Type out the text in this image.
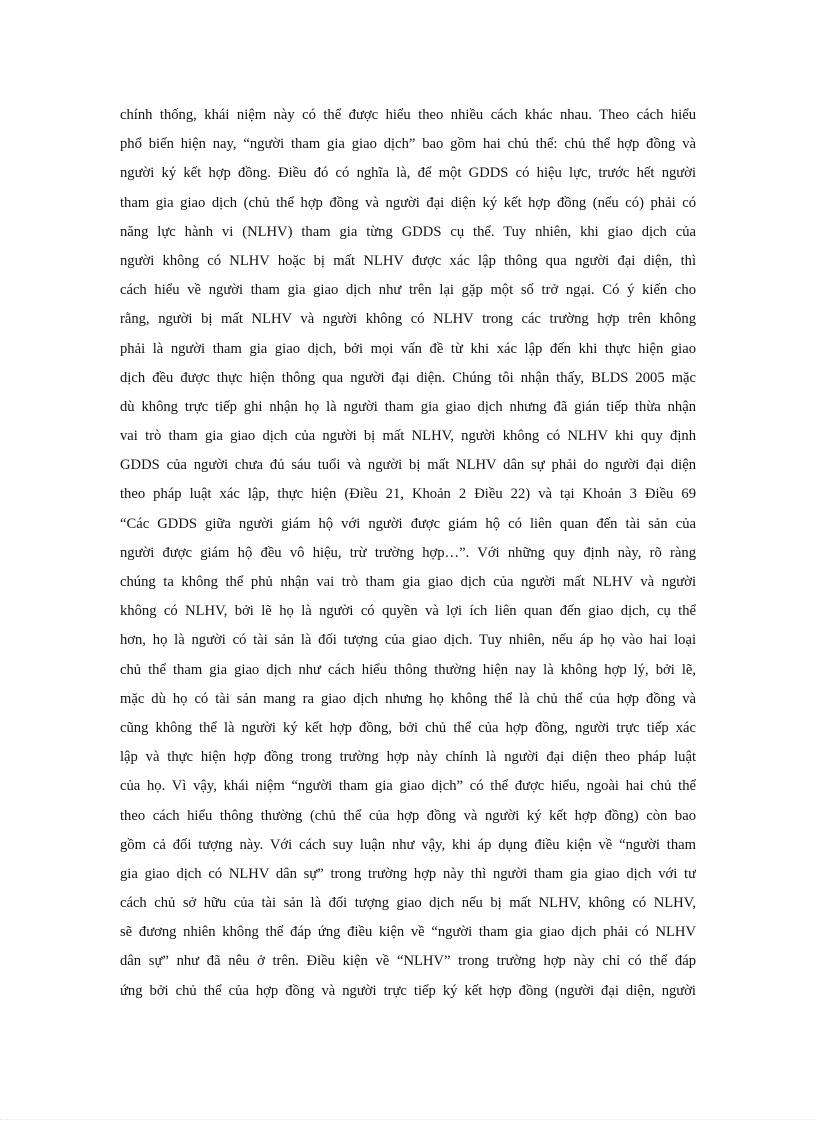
chính thống, khái niệm này có thể được hiểu theo nhiều cách khác nhau. Theo cách hiểu
phổ biến hiện nay, “người tham gia giao dịch” bao gồm hai chủ thể: chủ thể hợp đồng và
người ký kết hợp đồng. Điều đó có nghĩa là, để một GDDS có hiệu lực, trước hết người
tham gia giao dịch (chủ thể hợp đồng và người đại diện ký kết hợp đồng (nếu có) phải có
năng lực hành vi (NLHV) tham gia từng GDDS cụ thể. Tuy nhiên, khi giao dịch của
người không có NLHV hoặc bị mất NLHV được xác lập thông qua người đại diện, thì
cách hiểu về người tham gia giao dịch như trên lại gặp một số trở ngại. Có ý kiến cho
rằng, người bị mất NLHV và người không có NLHV trong các trường hợp trên không
phải là người tham gia giao dịch, bởi mọi vấn đề từ khi xác lập đến khi thực hiện giao
dịch đều được thực hiện thông qua người đại diện. Chúng tôi nhận thấy, BLDS 2005 mặc
dù không trực tiếp ghi nhận họ là người tham gia giao dịch nhưng đã gián tiếp thừa nhận
vai trò tham gia giao dịch của người bị mất NLHV, người không có NLHV khi quy định
GDDS của người chưa đủ sáu tuổi và người bị mất NLHV dân sự phải do người đại diện
theo pháp luật xác lập, thực hiện (Điều 21, Khoản 2 Điều 22) và tại Khoản 3 Điều 69
“Các GDDS giữa người giám hộ với người được giám hộ có liên quan đến tài sản của
người được giám hộ đều vô hiệu, trừ trường hợp…”. Với những quy định này, rõ ràng
chúng ta không thể phủ nhận vai trò tham gia giao dịch của người mất NLHV và người
không có NLHV, bởi lẽ họ là người có quyền và lợi ích liên quan đến giao dịch, cụ thể
hơn, họ là người có tài sản là đối tượng của giao dịch. Tuy nhiên, nếu áp họ vào hai loại
chủ thể tham gia giao dịch như cách hiểu thông thường hiện nay là không hợp lý, bởi lẽ,
mặc dù họ có tài sản mang ra giao dịch nhưng họ không thể là chủ thể của hợp đồng và
cũng không thể là người ký kết hợp đồng, bởi chủ thể của hợp đồng, người trực tiếp xác
lập và thực hiện hợp đồng trong trường hợp này chính là người đại diện theo pháp luật
của họ. Vì vậy, khái niệm “người tham gia giao dịch” có thể được hiểu, ngoài hai chủ thể
theo cách hiểu thông thường (chủ thể của hợp đồng và người ký kết hợp đồng) còn bao
gồm cả đối tượng này. Với cách suy luận như vậy, khi áp dụng điều kiện về “người tham
gia giao dịch có NLHV dân sự” trong trường hợp này thì người tham gia giao dịch với tư
cách chủ sở hữu của tài sản là đối tượng giao dịch nếu bị mất NLHV, không có NLHV,
sẽ đương nhiên không thể đáp ứng điều kiện về “người tham gia giao dịch phải có NLHV
dân sự” như đã nêu ở trên. Điều kiện về “NLHV” trong trường hợp này chỉ có thể đáp
ứng bởi chủ thể của hợp đồng và người trực tiếp ký kết hợp đồng (người đại diện, người
